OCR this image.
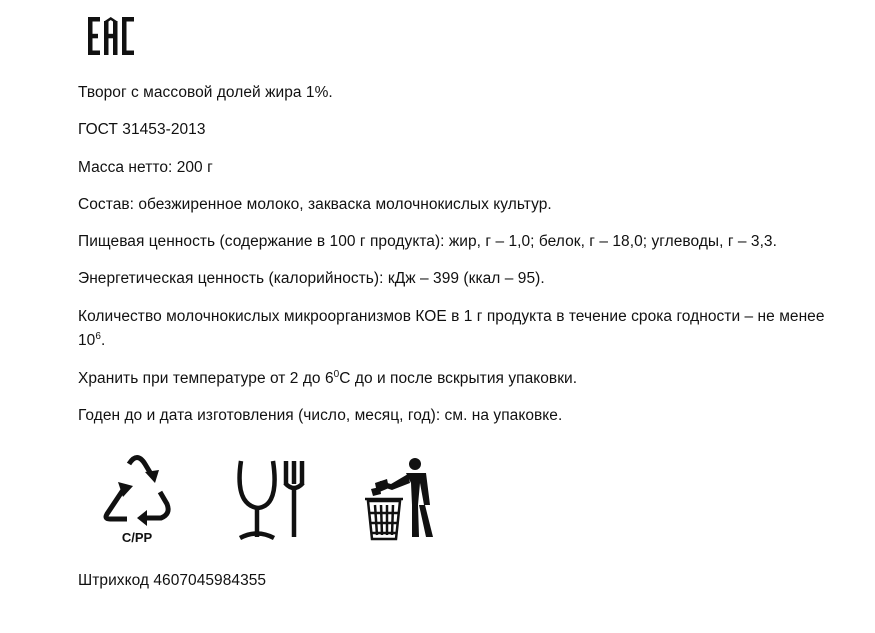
Творог с массовой долей жира 1%.
ГОСТ 31453-2013
Масса нетто: 200 г
Состав: обезжиренное молоко, закваска молочнокислых культур.
Пищевая ценность (содержание в 100 г продукта): жир, г – 1,0; белок, г – 18,0; углеводы, г – 3,3.
Энергетическая ценность (калорийность): кДж – 399 (ккал – 95).
Количество молочнокислых микроорганизмов КОЕ в 1 г продукта в течение срока годности – не менее $10^6$.
Хранить при температуре от 2 до $6^0С$ до и после вскрытия упаковки.
Годен до и дата изготовления (число, месяц, год): см. на упаковке.
Штрихкод 4607045984355
C/PP
